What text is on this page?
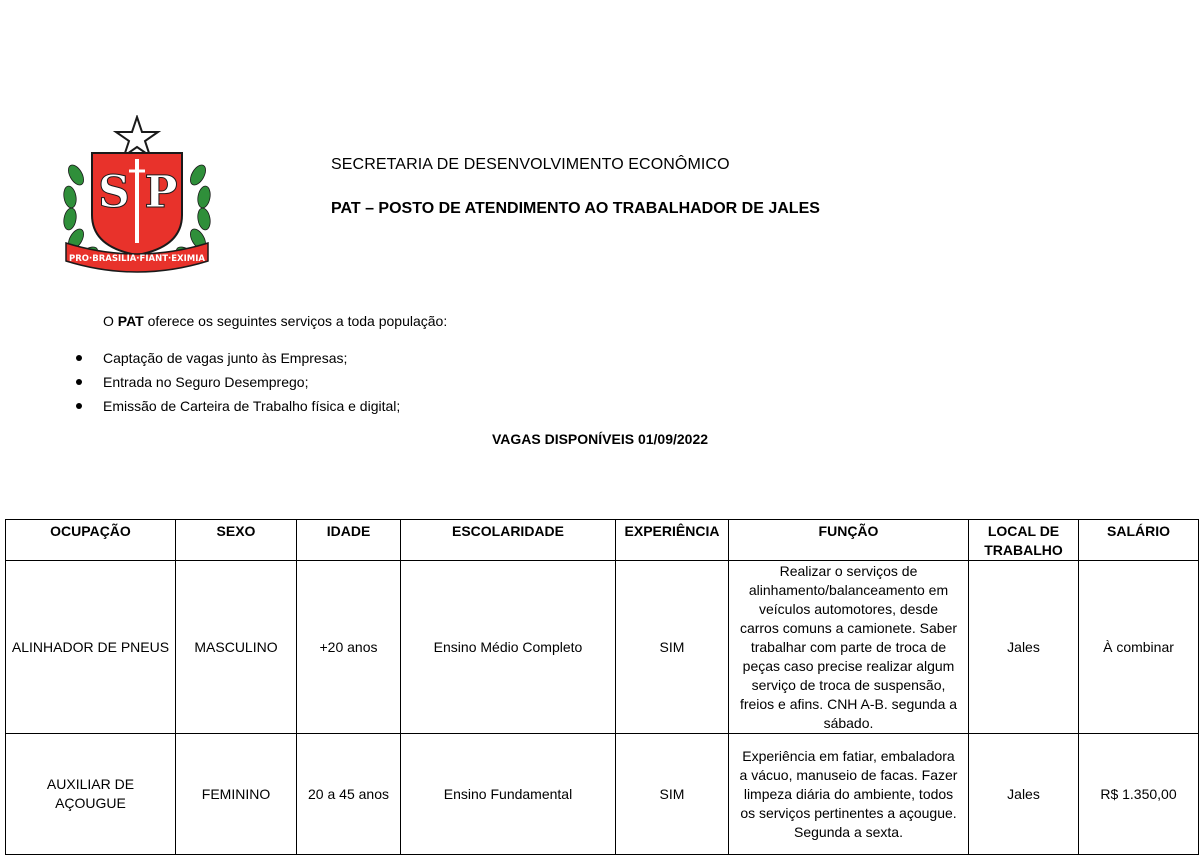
S P
PRO·BRASILIA·FIANT·EXIMIA
SECRETARIA DE DESENVOLVIMENTO ECONÔMICO
PAT – POSTO DE ATENDIMENTO AO TRABALHADOR DE JALES
O PAT oferece os seguintes serviços a toda população:
Captação de vagas junto às Empresas;
Entrada no Seguro Desemprego;
Emissão de Carteira de Trabalho física e digital;
VAGAS DISPONÍVEIS 01/09/2022
OCUPAÇÃO	SEXO	IDADE	ESCOLARIDADE	EXPERIÊNCIA	FUNÇÃO	LOCAL DE TRABALHO	SALÁRIO
ALINHADOR DE PNEUS	MASCULINO	+20 anos	Ensino Médio Completo	SIM	Realizar o serviços de alinhamento/balanceamento em veículos automotores, desde carros comuns a camionete. Saber trabalhar com parte de troca de peças caso precise realizar algum serviço de troca de suspensão, freios e afins. CNH A-B. segunda a sábado.	Jales	À combinar
AUXILIAR DE AÇOUGUE	FEMININO	20 a 45 anos	Ensino Fundamental	SIM	Experiência em fatiar, embaladora a vácuo, manuseio de facas. Fazer limpeza diária do ambiente, todos os serviços pertinentes a açougue. Segunda a sexta.	Jales	R$ 1.350,00
